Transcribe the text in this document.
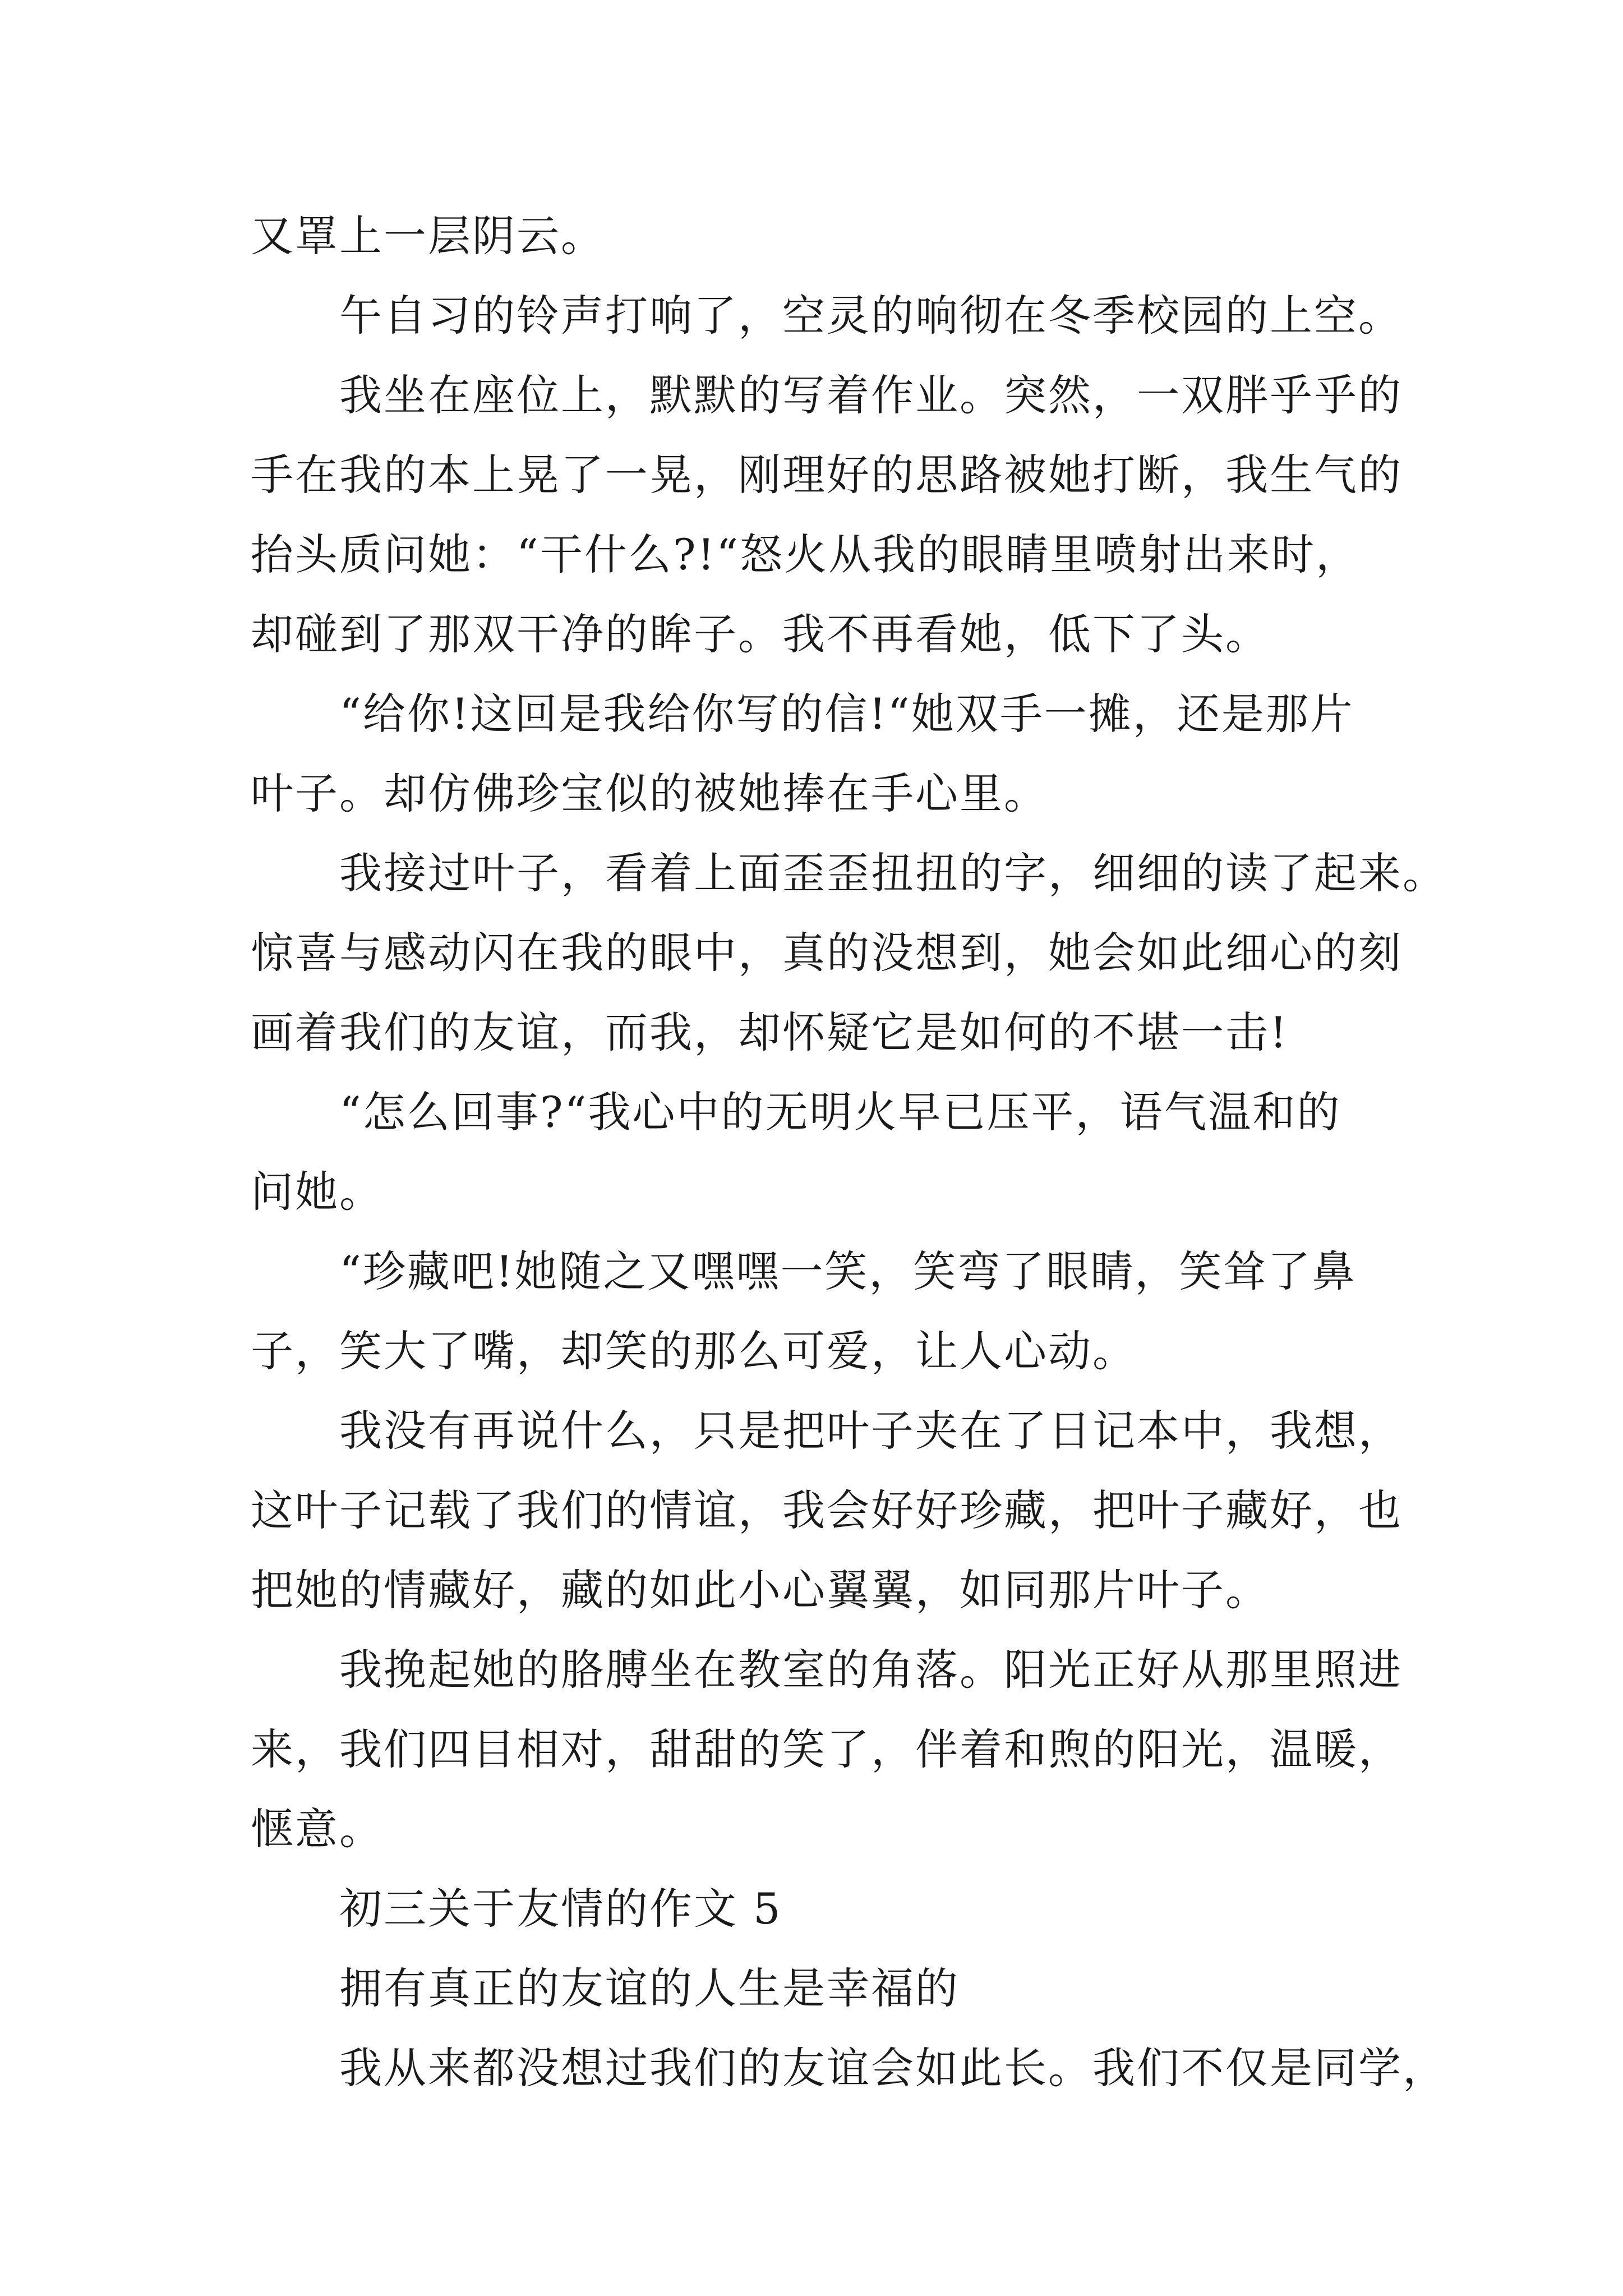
又罩上一层阴云。
午自习的铃声打响了，空灵的响彻在冬季校园的上空。
我坐在座位上，默默的写着作业。突然，一双胖乎乎的
手在我的本上晃了一晃，刚理好的思路被她打断，我生气的
抬头质问她：“干什么?!“怒火从我的眼睛里喷射出来时，
却碰到了那双干净的眸子。我不再看她，低下了头。
“给你!这回是我给你写的信!“她双手一摊，还是那片
叶子。却仿佛珍宝似的被她捧在手心里。
我接过叶子，看着上面歪歪扭扭的字，细细的读了起来。
惊喜与感动闪在我的眼中，真的没想到，她会如此细心的刻
画着我们的友谊，而我，却怀疑它是如何的不堪一击!
“怎么回事?“我心中的无明火早已压平，语气温和的
问她。
“珍藏吧!她随之又嘿嘿一笑，笑弯了眼睛，笑耸了鼻
子，笑大了嘴，却笑的那么可爱，让人心动。
我没有再说什么，只是把叶子夹在了日记本中，我想，
这叶子记载了我们的情谊，我会好好珍藏，把叶子藏好，也
把她的情藏好，藏的如此小心翼翼，如同那片叶子。
我挽起她的胳膊坐在教室的角落。阳光正好从那里照进
来，我们四目相对，甜甜的笑了，伴着和煦的阳光，温暖，
惬意。
初三关于友情的作文 5
拥有真正的友谊的人生是幸福的
我从来都没想过我们的友谊会如此长。我们不仅是同学，
